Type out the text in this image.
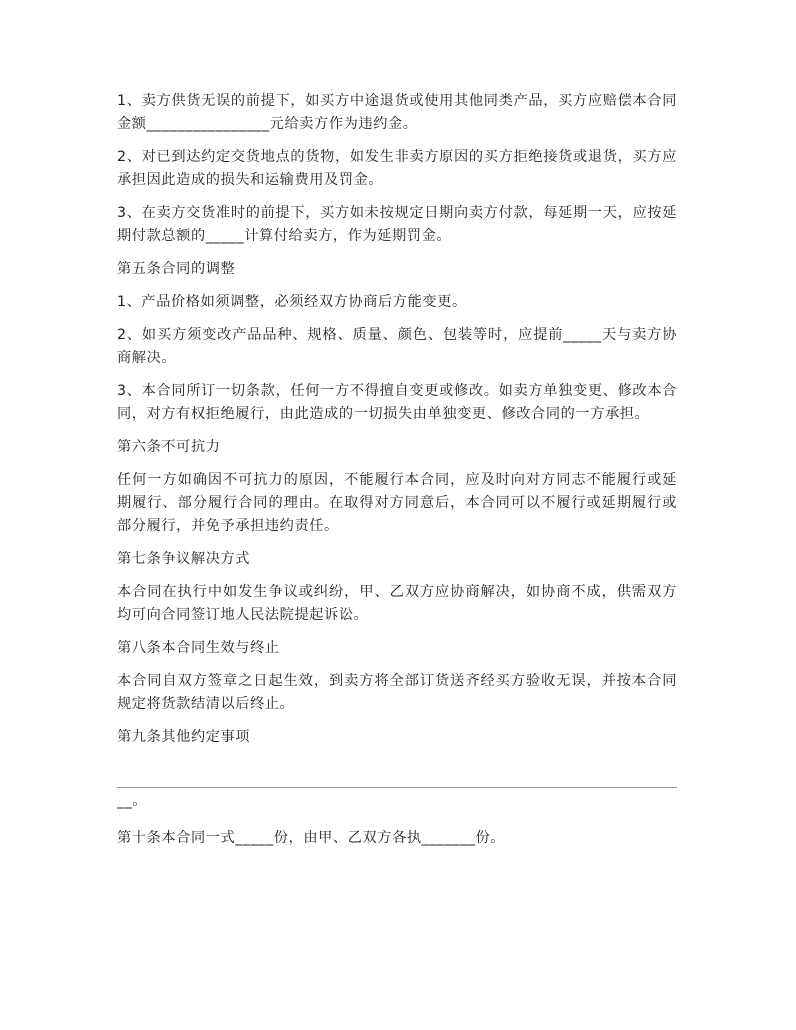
1、卖方供货无误的前提下，如买方中途退货或使用其他同类产品，买方应赔偿本合同金额________________元给卖方作为违约金。

2、对已到达约定交货地点的货物，如发生非卖方原因的买方拒绝接货或退货，买方应承担因此造成的损失和运输费用及罚金。

3、在卖方交货准时的前提下，买方如未按规定日期向卖方付款，每延期一天，应按延期付款总额的_____计算付给卖方，作为延期罚金。

第五条合同的调整

1、产品价格如须调整，必须经双方协商后方能变更。

2、如买方须变改产品品种、规格、质量、颜色、包装等时，应提前_____天与卖方协商解决。

3、本合同所订一切条款，任何一方不得擅自变更或修改。如卖方单独变更、修改本合同，对方有权拒绝履行，由此造成的一切损失由单独变更、修改合同的一方承担。

第六条不可抗力

任何一方如确因不可抗力的原因，不能履行本合同，应及时向对方同志不能履行或延期履行、部分履行合同的理由。在取得对方同意后，本合同可以不履行或延期履行或部分履行，并免予承担违约责任。

第七条争议解决方式

本合同在执行中如发生争议或纠纷，甲、乙双方应协商解决，如协商不成，供需双方均可向合同签订地人民法院提起诉讼。

第八条本合同生效与终止

本合同自双方签章之日起生效，到卖方将全部订货送齐经买方验收无误，并按本合同规定将货款结清以后终止。

第九条其他约定事项

__。

第十条本合同一式_____份，由甲、乙双方各执_______份。
